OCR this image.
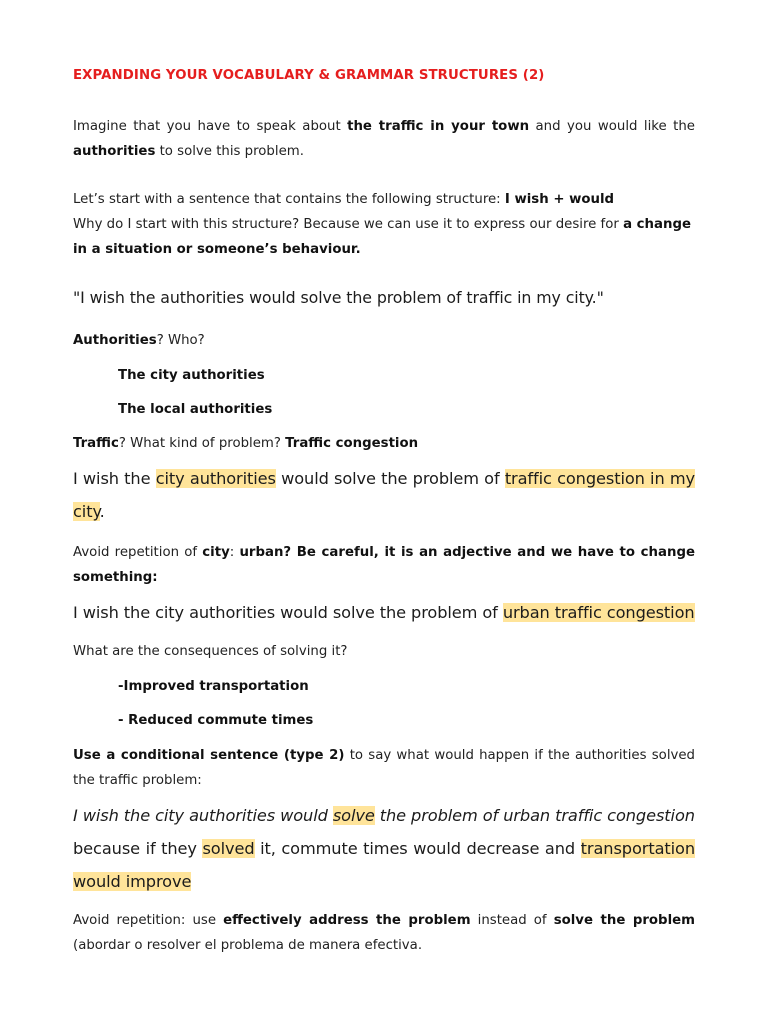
EXPANDING YOUR VOCABULARY & GRAMMAR STRUCTURES (2)

Imagine that you have to speak about the traffic in your town and you would like the authorities to solve this problem.

Let’s start with a sentence that contains the following structure: I wish + would
Why do I start with this structure? Because we can use it to express our desire for a change in a situation or someone’s behaviour.

"I wish the authorities would solve the problem of traffic in my city."

Authorities? Who?

The city authorities

The local authorities

Traffic? What kind of problem? Traffic congestion

I wish the city authorities would solve the problem of traffic congestion in my city.

Avoid repetition of city: urban? Be careful, it is an adjective and we have to change something:

I wish the city authorities would solve the problem of urban traffic congestion

What are the consequences of solving it?

-Improved transportation

- Reduced commute times

Use a conditional sentence (type 2) to say what would happen if the authorities solved the traffic problem:

I wish the city authorities would solve the problem of urban traffic congestion
because if they solved it, commute times would decrease and transportation would improve

Avoid repetition: use effectively address the problem instead of solve the problem (abordar o resolver el problema de manera efectiva.
